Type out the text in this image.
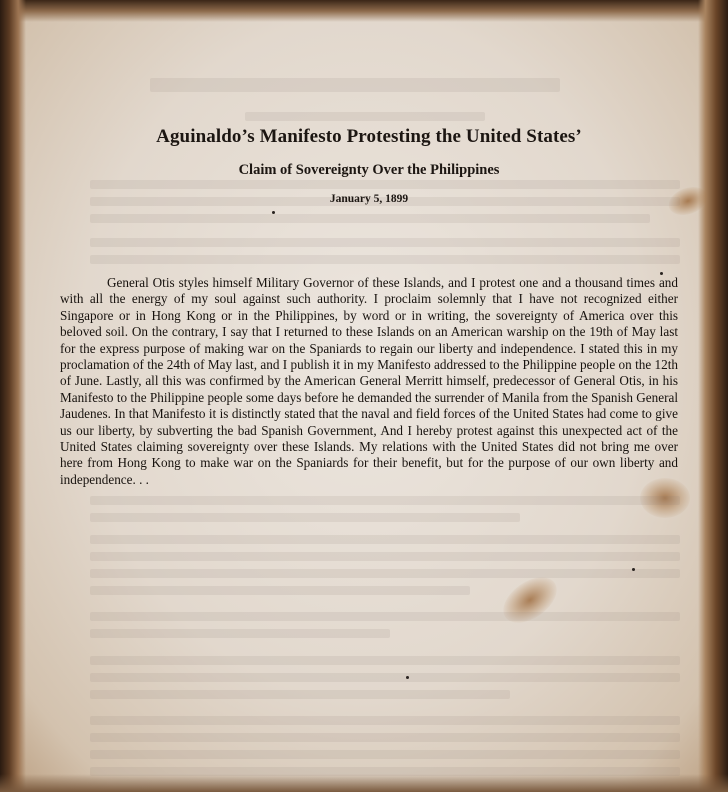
Aguinaldo’s Manifesto Protesting the United States’
Claim of Sovereignty Over the Philippines
January 5, 1899
General Otis styles himself Military Governor of these Islands, and I protest one and a thousand times and with all the energy of my soul against such authority. I proclaim solemnly that I have not recognized either Singapore or in Hong Kong or in the Philippines, by word or in writing, the sovereignty of America over this beloved soil. On the contrary, I say that I returned to these Islands on an American warship on the 19th of May last for the express purpose of making war on the Spaniards to regain our liberty and independence. I stated this in my proclamation of the 24th of May last, and I publish it in my Manifesto addressed to the Philippine people on the 12th of June. Lastly, all this was confirmed by the American General Merritt himself, predecessor of General Otis, in his Manifesto to the Philippine people some days before he demanded the surrender of Manila from the Spanish General Jaudenes. In that Manifesto it is distinctly stated that the naval and field forces of the United States had come to give us our liberty, by subverting the bad Spanish Government, And I hereby protest against this unexpected act of the United States claiming sovereignty over these Islands. My relations with the United States did not bring me over here from Hong Kong to make war on the Spaniards for their benefit, but for the purpose of our own liberty and independence. . .
